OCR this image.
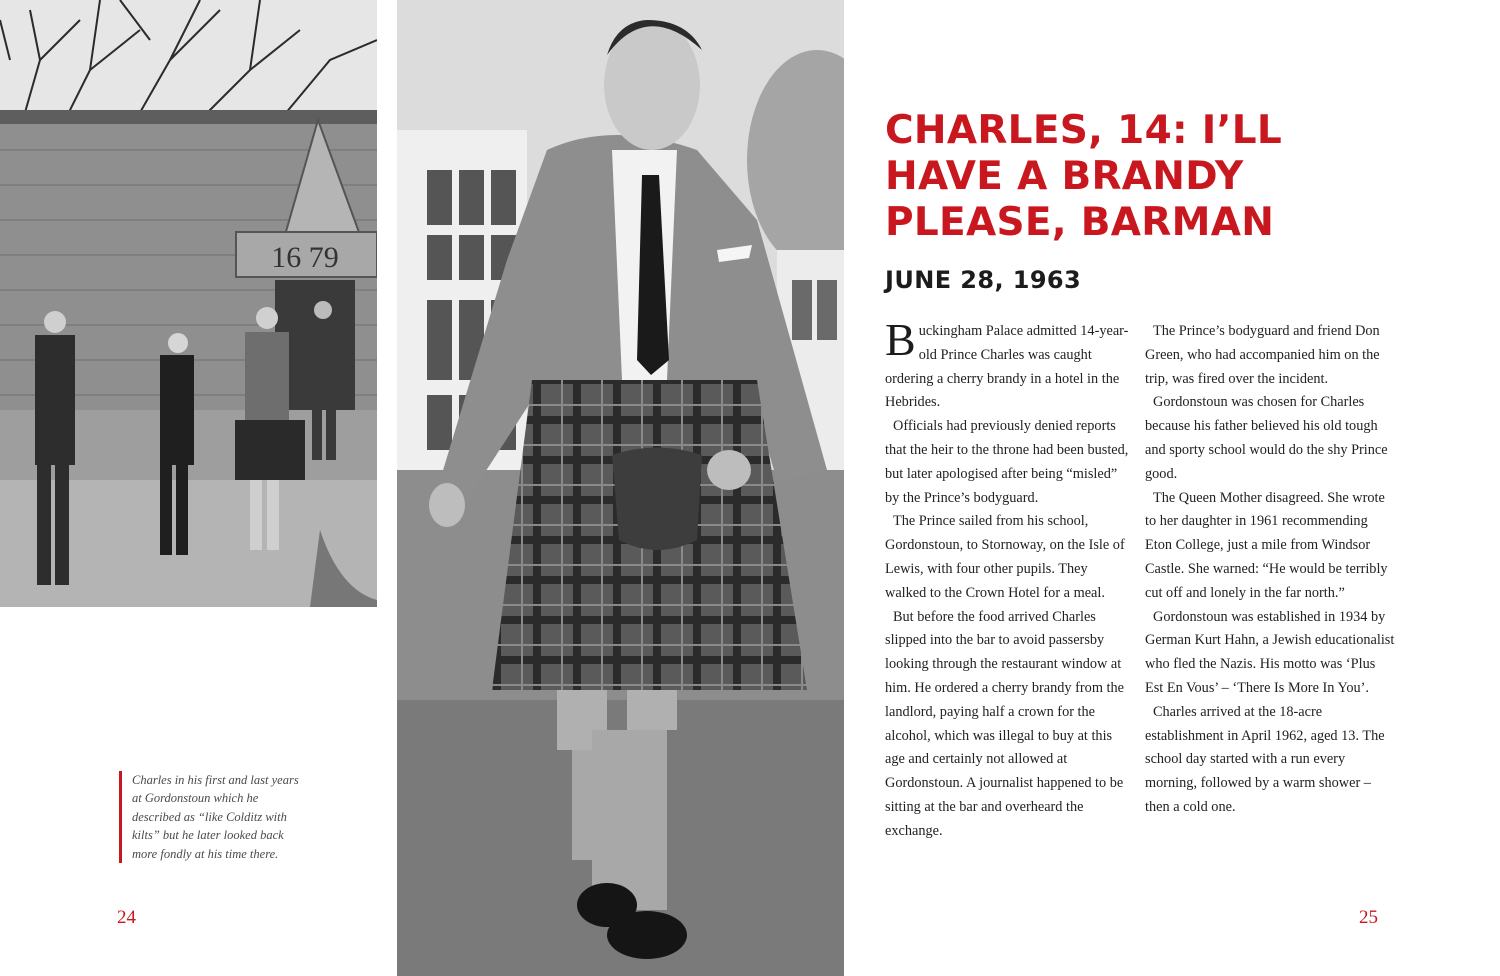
16 79
Charles in his first and last years at Gordonstoun which he described as “like Colditz with kilts” but he later looked back more fondly at his time there.
24	25
CHARLES, 14: I’LL HAVE A BRANDY PLEASE, BARMAN
JUNE 28, 1963

Buckingham Palace admitted 14-year-old Prince Charles was caught ordering a cherry brandy in a hotel in the Hebrides.

Officials had previously denied reports that the heir to the throne had been busted, but later apologised after being “misled” by the Prince’s bodyguard.

The Prince sailed from his school, Gordonstoun, to Stornoway, on the Isle of Lewis, with four other pupils. They walked to the Crown Hotel for a meal.

But before the food arrived Charles slipped into the bar to avoid passersby looking through the restaurant window at him. He ordered a cherry brandy from the landlord, paying half a crown for the alcohol, which was illegal to buy at this age and certainly not allowed at Gordonstoun. A journalist happened to be sitting at the bar and overheard the exchange.

The Prince’s bodyguard and friend Don Green, who had accompanied him on the trip, was fired over the incident.

Gordonstoun was chosen for Charles because his father believed his old tough and sporty school would do the shy Prince good.

The Queen Mother disagreed. She wrote to her daughter in 1961 recommending Eton College, just a mile from Windsor Castle. She warned: “He would be terribly cut off and lonely in the far north.”

Gordonstoun was established in 1934 by German Kurt Hahn, a Jewish educationalist who fled the Nazis. His motto was ‘Plus Est En Vous’ – ‘There Is More In You’.

Charles arrived at the 18-acre establishment in April 1962, aged 13. The school day started with a run every morning, followed by a warm shower – then a cold one.
